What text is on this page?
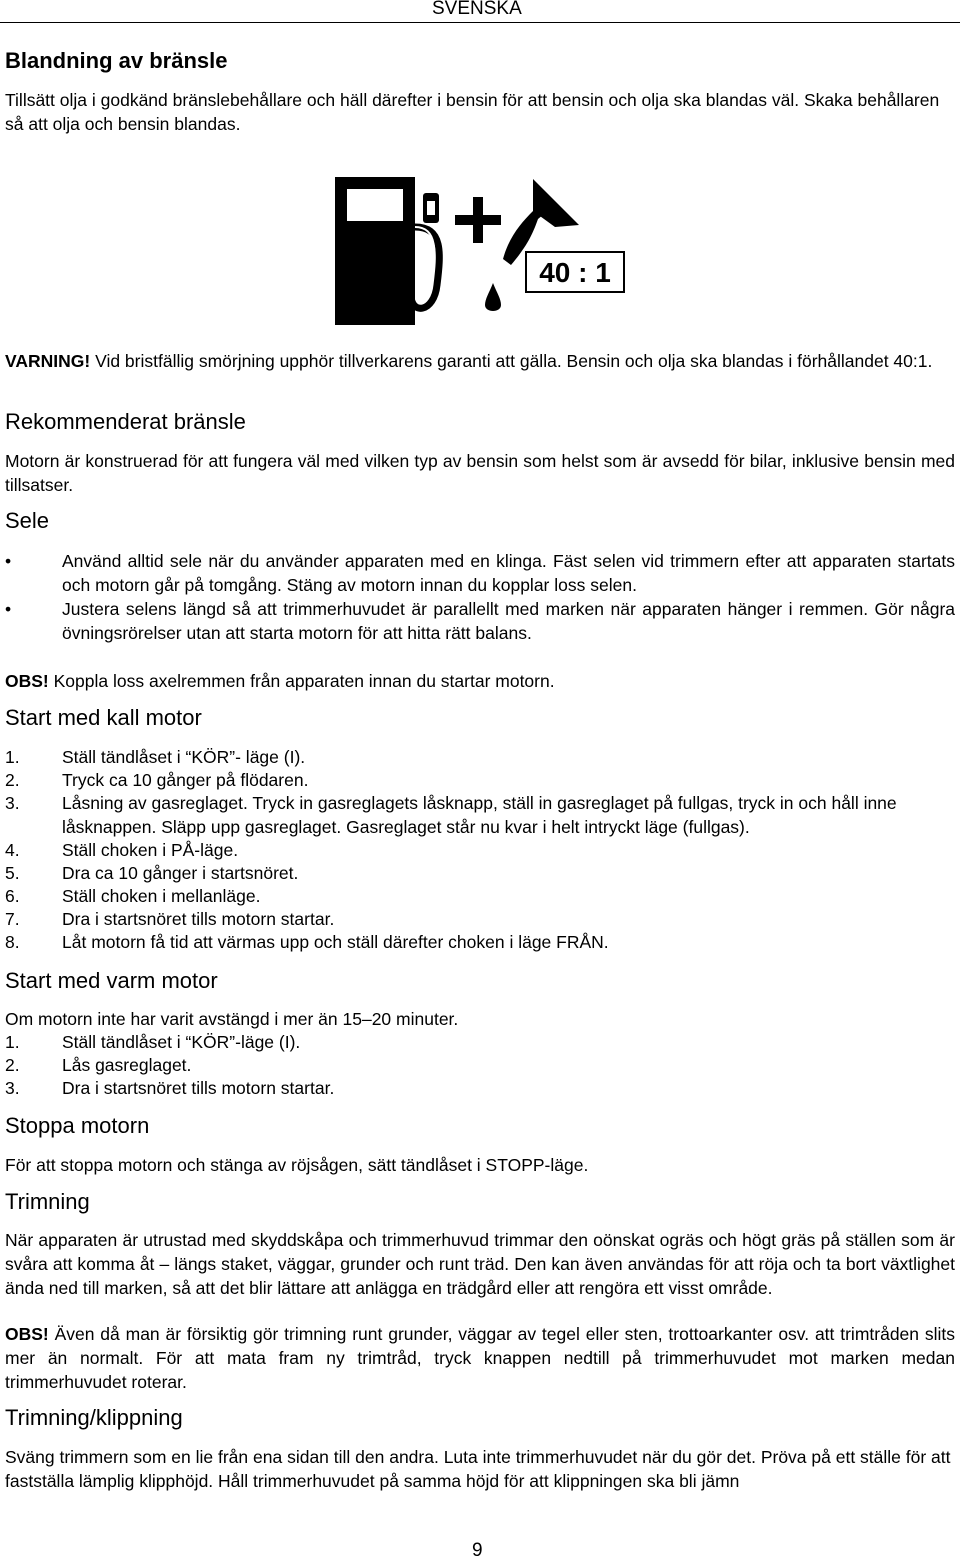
SVENSKA
Blandning av bränsle

Tillsätt olja i godkänd bränslebehållare och häll därefter i bensin för att bensin och olja ska blandas väl. Skaka behållaren så att olja och bensin blandas.

40 : 1

VARNING! Vid bristfällig smörjning upphör tillverkarens garanti att gälla. Bensin och olja ska blandas i förhållandet 40:1.

Rekommenderat bränsle

Motorn är konstruerad för att fungera väl med vilken typ av bensin som helst som är avsedd för bilar, inklusive bensin med tillsatser.

Sele
•	Använd alltid sele när du använder apparaten med en klinga. Fäst selen vid trimmern efter att apparaten startats och motorn går på tomgång. Stäng av motorn innan du kopplar loss selen.
•	Justera selens längd så att trimmerhuvudet är parallellt med marken när apparaten hänger i remmen. Gör några övningsrörelser utan att starta motorn för att hitta rätt balans.

OBS! Koppla loss axelremmen från apparaten innan du startar motorn.

Start med kall motor
1. Ställ tändlåset i “KÖR”- läge (I).
2. Tryck ca 10 gånger på flödaren.
3. Låsning av gasreglaget. Tryck in gasreglagets låsknapp, ställ in gasreglaget på fullgas, tryck in och håll inne låsknappen. Släpp upp gasreglaget. Gasreglaget står nu kvar i helt intryckt läge (fullgas).
4. Ställ choken i PÅ-läge.
5. Dra ca 10 gånger i startsnöret.
6. Ställ choken i mellanläge.
7. Dra i startsnöret tills motorn startar.
8. Låt motorn få tid att värmas upp och ställ därefter choken i läge FRÅN.
Start med varm motor

Om motorn inte har varit avstängd i mer än 15–20 minuter.

1. Ställ tändlåset i “KÖR”-läge (I).
2. Lås gasreglaget.
3. Dra i startsnöret tills motorn startar.
Stoppa motorn

För att stoppa motorn och stänga av röjsågen, sätt tändlåset i STOPP-läge.

Trimning

När apparaten är utrustad med skyddskåpa och trimmerhuvud trimmar den oönskat ogräs och högt gräs på ställen som är svåra att komma åt – längs staket, väggar, grunder och runt träd. Den kan även användas för att röja och ta bort växtlighet ända ned till marken, så att det blir lättare att anlägga en trädgård eller att rengöra ett visst område.

OBS! Även då man är försiktig gör trimning runt grunder, väggar av tegel eller sten, trottoarkanter osv. att trimtråden slits mer än normalt. För att mata fram ny trimtråd, tryck knappen nedtill på trimmerhuvudet mot marken medan trimmerhuvudet roterar.

Trimning/klippning

Sväng trimmern som en lie från ena sidan till den andra. Luta inte trimmerhuvudet när du gör det. Pröva på ett ställe för att fastställa lämplig klipphöjd. Håll trimmerhuvudet på samma höjd för att klippningen ska bli jämn

9
